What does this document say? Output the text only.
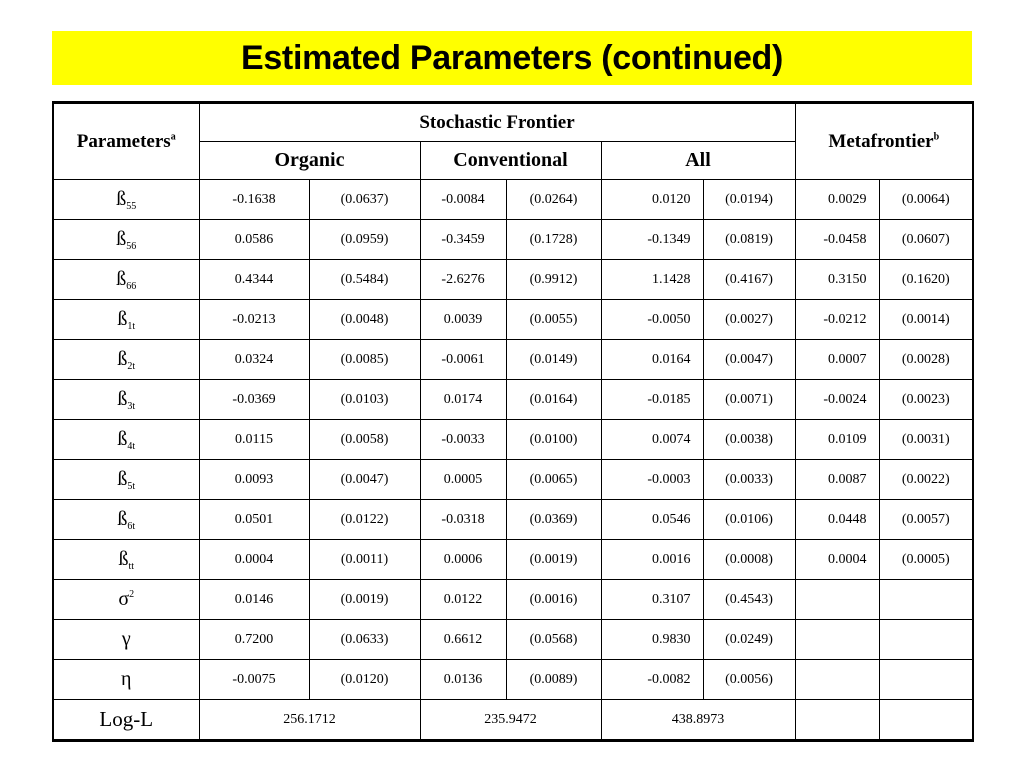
Estimated Parameters (continued)
Parameters$^a$	Stochastic Frontier						Metafrontier$^b$
	Organic		Conventional		All			
$ß_{55}$	-0.1638	(0.0637)	-0.0084	(0.0264)	0.0120	(0.0194)	0.0029	(0.0064)
$ß_{56}$	0.0586	(0.0959)	-0.3459	(0.1728)	-0.1349	(0.0819)	-0.0458	(0.0607)
$ß_{66}$	0.4344	(0.5484)	-2.6276	(0.9912)	1.1428	(0.4167)	0.3150	(0.1620)
$ß_{1t}$	-0.0213	(0.0048)	0.0039	(0.0055)	-0.0050	(0.0027)	-0.0212	(0.0014)
$ß_{2t}$	0.0324	(0.0085)	-0.0061	(0.0149)	0.0164	(0.0047)	0.0007	(0.0028)
$ß_{3t}$	-0.0369	(0.0103)	0.0174	(0.0164)	-0.0185	(0.0071)	-0.0024	(0.0023)
$ß_{4t}$	0.0115	(0.0058)	-0.0033	(0.0100)	0.0074	(0.0038)	0.0109	(0.0031)
$ß_{5t}$	0.0093	(0.0047)	0.0005	(0.0065)	-0.0003	(0.0033)	0.0087	(0.0022)
$ß_{6t}$	0.0501	(0.0122)	-0.0318	(0.0369)	0.0546	(0.0106)	0.0448	(0.0057)
$ß_{tt}$	0.0004	(0.0011)	0.0006	(0.0019)	0.0016	(0.0008)	0.0004	(0.0005)
$\sigma^2$	0.0146	(0.0019)	0.0122	(0.0016)	0.3107	(0.4543)		
γ	0.7200	(0.0633)	0.6612	(0.0568)	0.9830	(0.0249)		
η	-0.0075	(0.0120)	0.0136	(0.0089)	-0.0082	(0.0056)		
Log-L	256.1712		235.9472		438.8973			
